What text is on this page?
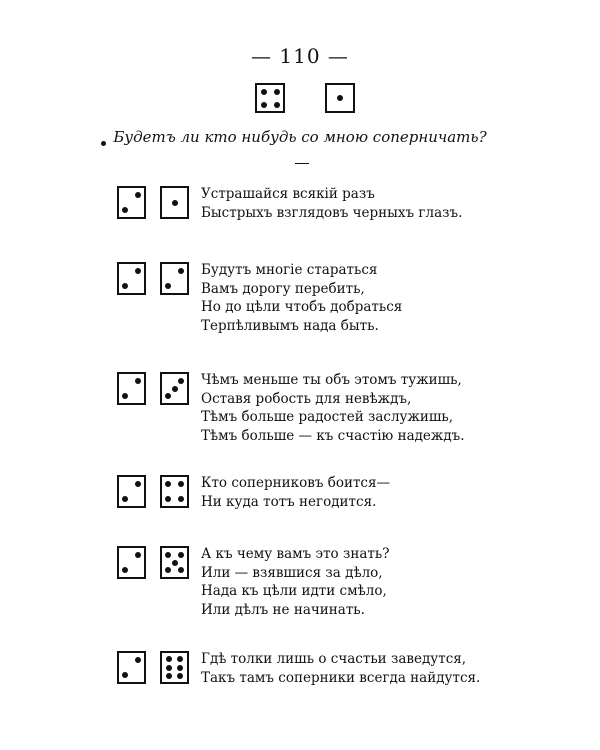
— 110 —
Будетъ ли кто нибудь со мною соперничать?
Устрашайся всякій разъ
Быстрыхъ взглядовъ черныхъ глазъ.
Будутъ многіе стараться
Вамъ дорогу перебить,
Но до цѣли чтобъ добраться
Терпѣливымъ нада быть.
Чѣмъ меньше ты объ этомъ тужишь,
Оставя робость для невѣждъ,
Тѣмъ больше радостей заслужишь,
Тѣмъ больше — къ счастію надеждъ.
Кто соперниковъ боится—
Ни куда тотъ негодится.
А къ чему вамъ это знать?
Или — взявшися за дѣло,
Нада къ цѣли идти смѣло,
Или дѣлъ не начинать.
Гдѣ толки лишь о счастьи заведутся,
Такъ тамъ соперники всегда найдутся.
